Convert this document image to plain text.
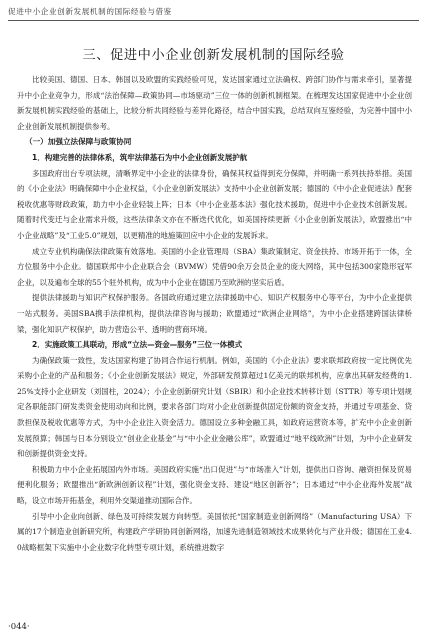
促进中小企业创新发展机制的国际经验与借鉴
三、促进中小企业创新发展机制的国际经验

比较美国、德国、日本、韩国以及欧盟的实践经验可见，发达国家通过立法确权、跨部门协作与需求牵引，显著提升中小企业竞争力，形成“法治保障—政策协同—市场驱动”三位一体的创新机制框架。在梳理发达国家促进中小企业创新发展机制实践经验的基础上，比较分析共同经验与差异化路径，结合中国实践，总结双向互鉴经验，为完善中国中小企业创新发展机制提供参考。

（一）加强立法保障与政策协同

1．构建完善的法律体系，筑牢法律基石为中小企业创新发展护航

多国政府出台专项法规，清晰界定中小企业的法律身份，确保其权益得到充分保障，并明确一系列扶持举措。美国的《小企业法》明确保障中小企业权益，《小企业创新发展法》支持中小企业创新发展；德国的《中小企业促进法》配套税收优惠等财政政策，助力中小企业轻装上阵；日本《中小企业基本法》强化技术援助，促进中小企业技术创新发展。随着时代变迁与企业需求升级，这些法律条文亦在不断迭代优化，如美国持续更新《小企业创新发展法》，欧盟推出“中小企业战略”及“工业5.0”规划，以更精准的地施策回应中小企业的发展诉求。

成立专业机构确保法律政策有效落地。美国的小企业管理局（SBA）集政策制定、资金扶持、市场开拓于一体，全方位服务中小企业。德国联邦中小企业联合会（BVMW）凭借90余万会员企业的庞大网络，其中包括300家隐形冠军企业，以及遍布全球的55个驻外机构，成为中小企业在德国乃至欧洲的坚实后盾。

提供法律援助与知识产权保护服务。各国政府通过建立法律援助中心、知识产权服务中心等平台，为中小企业提供一站式服务。美国SBA携手法律机构，提供法律咨询与援助；欧盟通过“欧洲企业网络”，为中小企业搭建跨国法律桥梁，强化知识产权保护，助力营造公平、透明的营商环境。

2．实施政策工具联动，形成“立法—资金—服务”三位一体模式

为确保政策一致性，发达国家构建了协同合作运行机制。例如，美国的《小企业法》要求联邦政府按一定比例优先采购小企业的产品和服务；《小企业创新发展法》规定，外部研发预算超过1亿美元的联邦机构，应拿出其研发经费的1.25%支持小企业研发（刘国柱，2024）；小企业创新研究计划（SBIR）和小企业技术转移计划（STTR）等专项计划规定各职能部门研发类资金使用动向和比例，要求各部门均对小企业创新提供固定份额的资金支持，并通过专项基金、贷款担保及税收优惠等方式，为中小企业注入资金活力。德国设立多种金融工具，如政府运营资本等，扩充中小企业创新发展预算；韩国与日本分别设立“创业企业基金”与“中小企业金融公库”，欧盟通过“地平线欧洲”计划，为中小企业研发和创新提供资金支持。

积极助力中小企业拓展国内外市场。美国政府实施“出口促进”与“市场准入”计划，提供出口咨询、融资担保及贸易便利化服务；欧盟推出“新欧洲创新议程”计划，强化资金支持、建设“地区创新谷”；日本通过“中小企业海外发展”战略，设立市场开拓基金，利用外交渠道推动国际合作。

引导中小企业向创新、绿色及可持续发展方向转型。美国依托“国家制造业创新网络”（Manufacturing USA）下属的17个制造业创新研究所，构建政产学研协同创新网络，加速先进制造领域技术成果转化与产业升级；德国在工业4.0战略框架下实施中小企业数字化转型专项计划，系统推进数字

·044·
